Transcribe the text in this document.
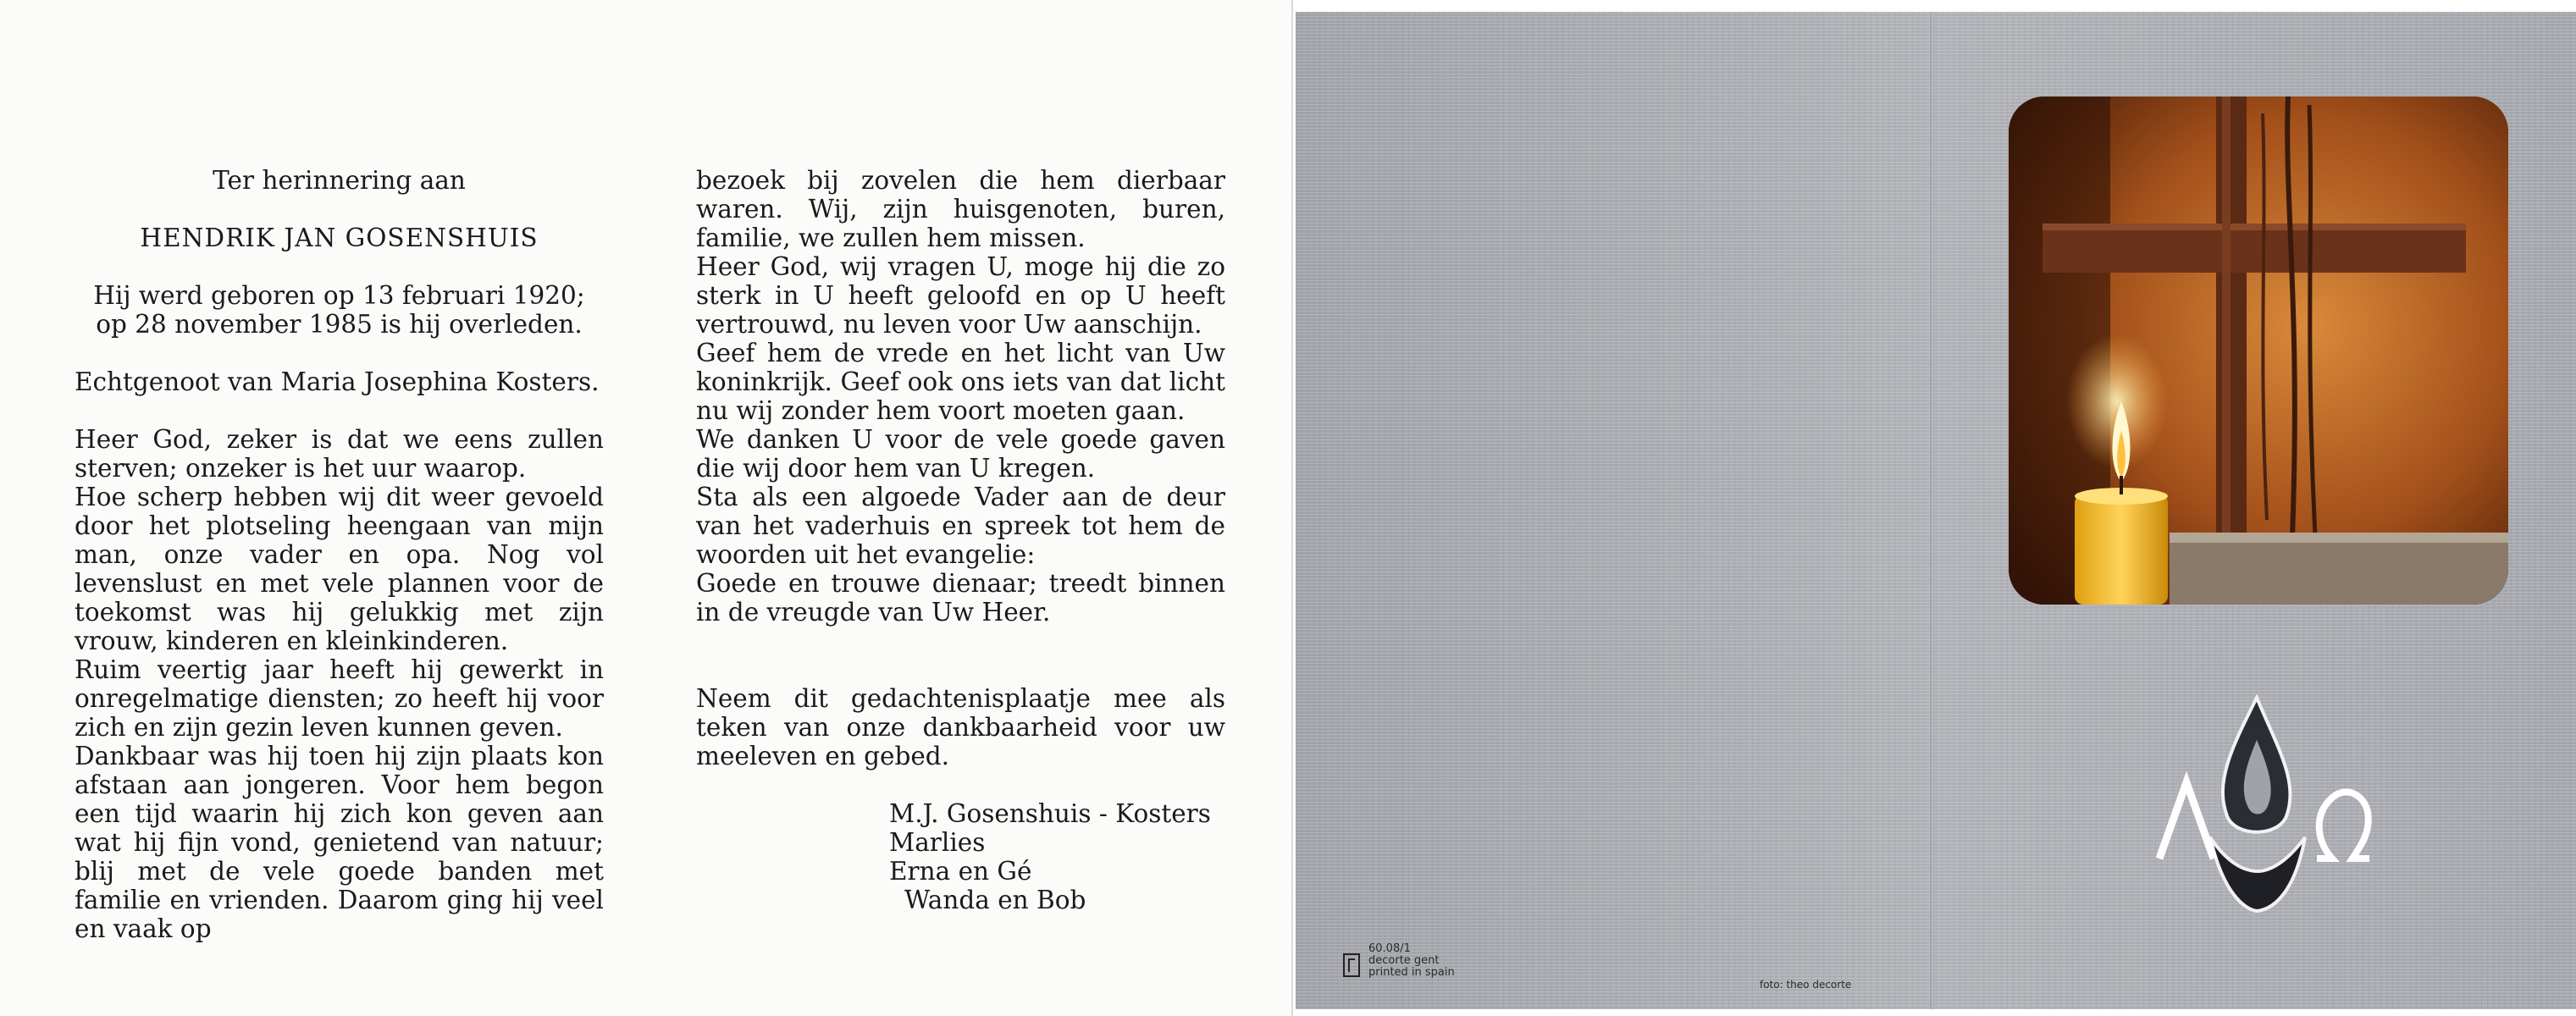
Ter herinnering aan
HENDRIK JAN GOSENSHUIS
Hij werd geboren op 13 februari 1920;
op 28 november 1985 is hij overleden.
Echtgenoot van Maria Josephina Kosters.
Heer God, zeker is dat we eens zullen sterven; onzeker is het uur waarop.
Hoe scherp hebben wij dit weer gevoeld door het plotseling heengaan van mijn man, onze vader en opa. Nog vol levenslust en met vele plannen voor de toekomst was hij gelukkig met zijn vrouw, kinderen en kleinkinderen.
Ruim veertig jaar heeft hij gewerkt in onregelmatige diensten; zo heeft hij voor zich en zijn gezin leven kunnen geven.
Dankbaar was hij toen hij zijn plaats kon afstaan aan jongeren. Voor hem begon een tijd waarin hij zich kon geven aan wat hij fijn vond, genietend van natuur; blij met de vele goede banden met familie en vrienden. Daarom ging hij veel en vaak op
bezoek bij zovelen die hem dierbaar waren. Wij, zijn huisgenoten, buren, familie, we zullen hem missen.
Heer God, wij vragen U, moge hij die zo sterk in U heeft geloofd en op U heeft vertrouwd, nu leven voor Uw aanschijn.
Geef hem de vrede en het licht van Uw koninkrijk. Geef ook ons iets van dat licht nu wij zonder hem voort moeten gaan.
We danken U voor de vele goede gaven die wij door hem van U kregen.
Sta als een algoede Vader aan de deur van het vaderhuis en spreek tot hem de woorden uit het evangelie:
Goede en trouwe dienaar; treedt binnen in de vreugde van Uw Heer.
Neem dit gedachtenisplaatje mee als teken van onze dankbaarheid voor uw meeleven en gebed.
M.J. Gosenshuis - Kosters
Marlies
Erna en Gé
Wanda en Bob
60.08/1
decorte gent
printed in spain
foto: theo decorte
